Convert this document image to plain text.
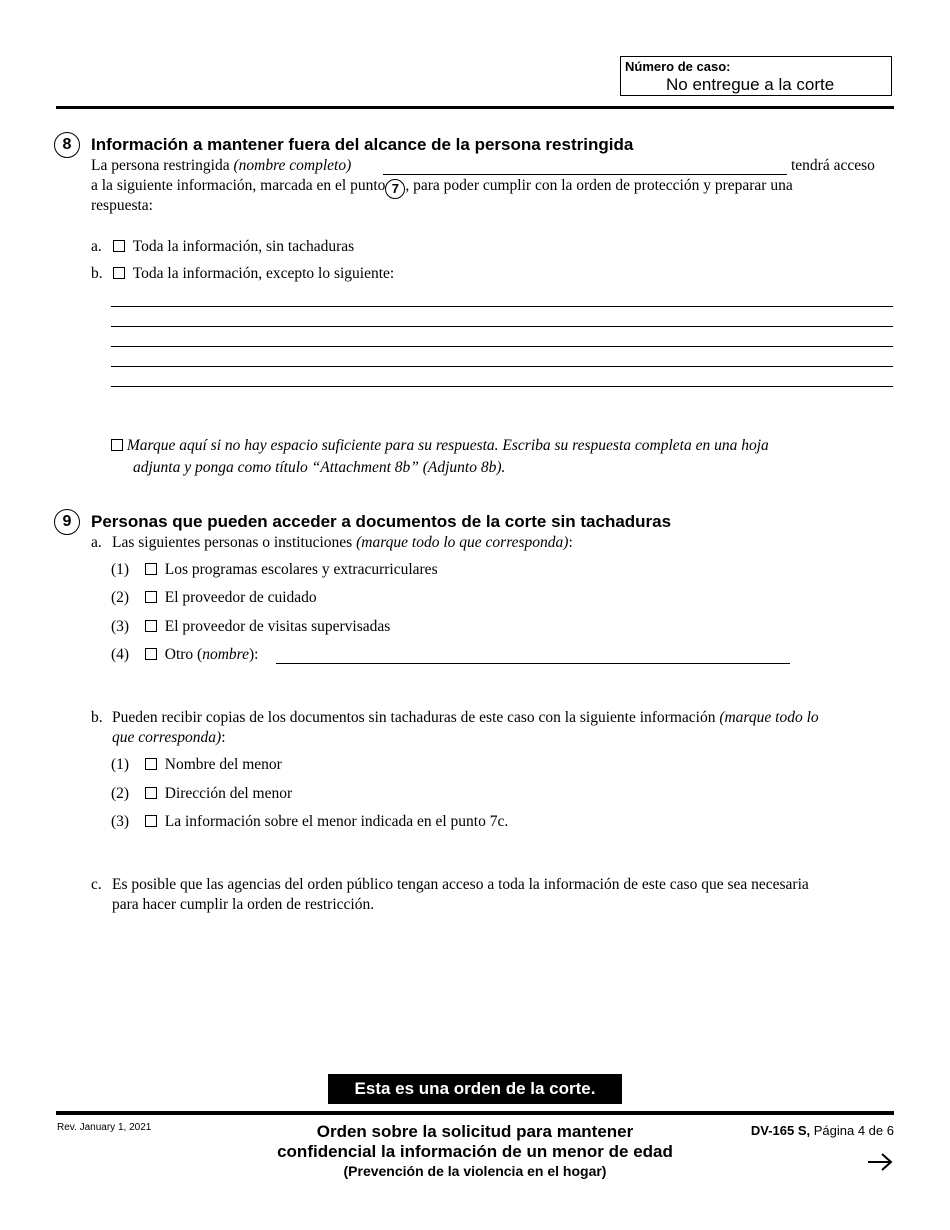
Número de caso:
No entregue a la corte
8	Información a mantener fuera del alcance de la persona restringida
La persona restringida (nombre completo)	tendrá acceso
a la siguiente información, marcada en el punto 7 , para poder cumplir con la orden de protección y preparar una
respuesta:
a. Toda la información, sin tachaduras
b. Toda la información, excepto lo siguiente:
Marque aquí si no hay espacio suficiente para su respuesta. Escriba su respuesta completa en una hoja
adjunta y ponga como título “Attachment 8b” (Adjunto 8b).
9	Personas que pueden acceder a documentos de la corte sin tachaduras
a. Las siguientes personas o instituciones (marque todo lo que corresponda):
(1) Los programas escolares y extracurriculares
(2) El proveedor de cuidado
(3) El proveedor de visitas supervisadas
(4) Otro (nombre):
b. Pueden recibir copias de los documentos sin tachaduras de este caso con la siguiente información (marque todo lo
que corresponda):
(1) Nombre del menor
(2) Dirección del menor
(3) La información sobre el menor indicada en el punto 7c.
c. Es posible que las agencias del orden público tengan acceso a toda la información de este caso que sea necesaria
para hacer cumplir la orden de restricción.
Esta es una orden de la corte.
Rev. January 1, 2021	Orden sobre la solicitud para mantener
confidencial la información de un menor de edad
(Prevención de la violencia en el hogar)
DV-165 S, Página 4 de 6
